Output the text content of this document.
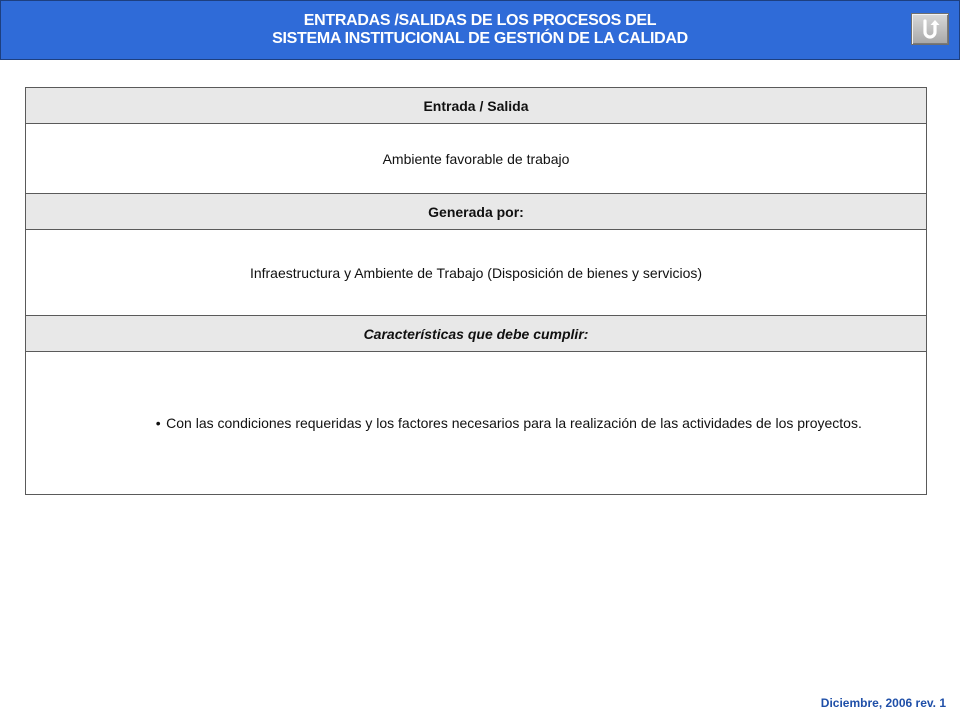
ENTRADAS /SALIDAS DE LOS PROCESOS DEL
SISTEMA INSTITUCIONAL DE GESTIÓN DE LA CALIDAD
Entrada / Salida
Ambiente favorable de trabajo
Generada por:
Infraestructura y Ambiente de Trabajo (Disposición de bienes y servicios)
Características que debe cumplir:
• Con las condiciones requeridas y los factores necesarios para la realización de las actividades de los proyectos.
Diciembre, 2006 rev. 1
